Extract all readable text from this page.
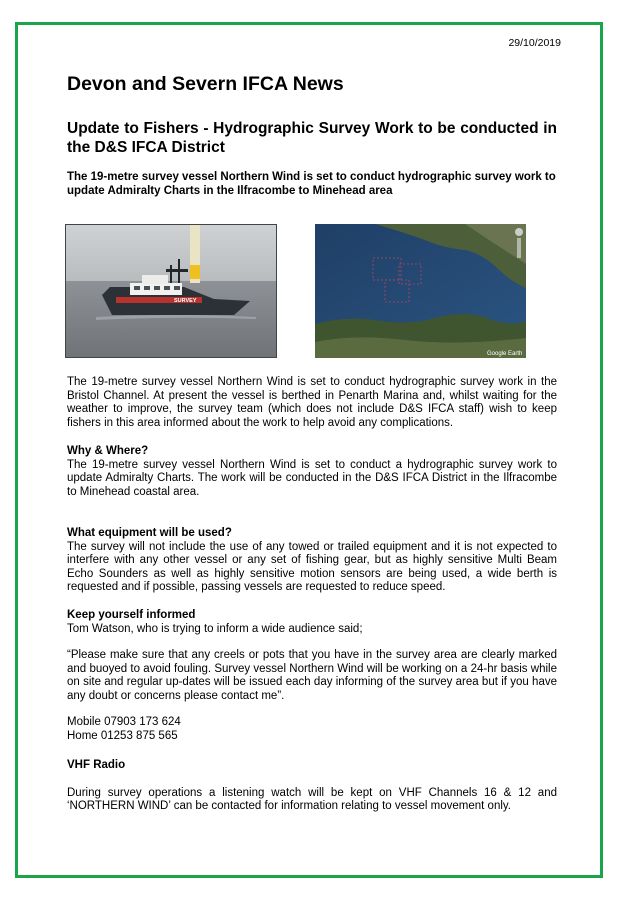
29/10/2019
Devon and Severn IFCA News
Update to Fishers - Hydrographic Survey Work to be conducted in the D&S IFCA District
The 19-metre survey vessel Northern Wind is set to conduct hydrographic survey work to update Admiralty Charts in the Ilfracombe to Minehead area
SURVEY
Google Earth

The 19-metre survey vessel Northern Wind is set to conduct hydrographic survey work in the Bristol Channel. At present the vessel is berthed in Penarth Marina and, whilst waiting for the weather to improve, the survey team (which does not include D&S IFCA staff) wish to keep fishers in this area informed about the work to help avoid any complications.

Why & Where?

The 19-metre survey vessel Northern Wind is set to conduct a hydrographic survey work to update Admiralty Charts. The work will be conducted in the D&S IFCA District in the Ilfracombe to Minehead coastal area.

What equipment will be used?

The survey will not include the use of any towed or trailed equipment and it is not expected to interfere with any other vessel or any set of fishing gear, but as highly sensitive Multi Beam Echo Sounders as well as highly sensitive motion sensors are being used, a wide berth is requested and if possible, passing vessels are requested to reduce speed.

Keep yourself informed

Tom Watson, who is trying to inform a wide audience said;

“Please make sure that any creels or pots that you have in the survey area are clearly marked and buoyed to avoid fouling. Survey vessel Northern Wind will be working on a 24-hr basis while on site and regular up-dates will be issued each day informing of the survey area but if you have any doubt or concerns please contact me”.

Mobile 07903 173 624

Home 01253 875 565

VHF Radio

During survey operations a listening watch will be kept on VHF Channels 16 & 12 and ‘NORTHERN WIND’ can be contacted for information relating to vessel movement only.
